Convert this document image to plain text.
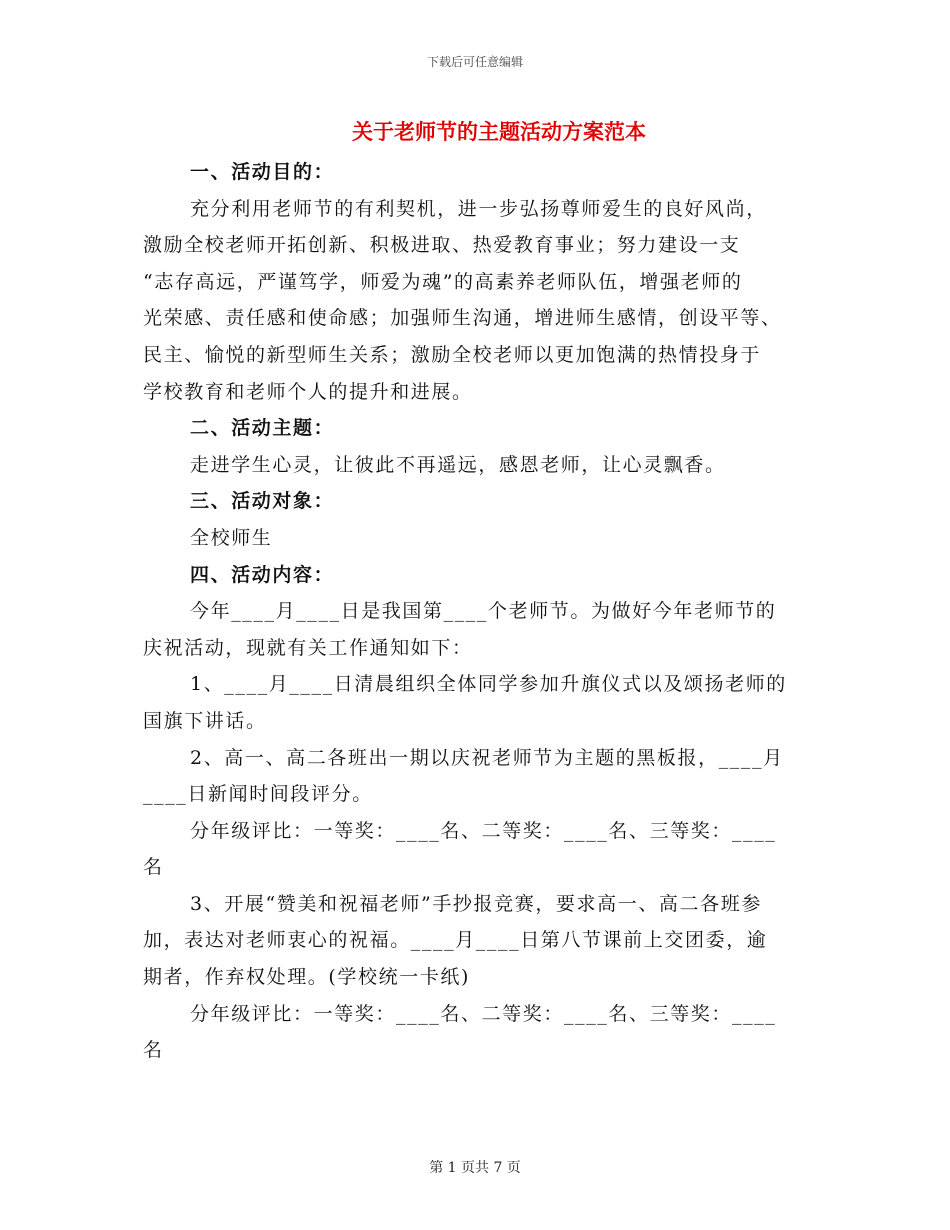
下载后可任意编辑
关于老师节的主题活动方案范本
一、活动目的：
充分利用老师节的有利契机，进一步弘扬尊师爱生的良好风尚，
激励全校老师开拓创新、积极进取、热爱教育事业；努力建设一支
“志存高远，严谨笃学，师爱为魂”的高素养老师队伍，增强老师的
光荣感、责任感和使命感；加强师生沟通，增进师生感情，创设平等、
民主、愉悦的新型师生关系；激励全校老师以更加饱满的热情投身于
学校教育和老师个人的提升和进展。
二、活动主题：
走进学生心灵，让彼此不再遥远，感恩老师，让心灵飘香。
三、活动对象：
全校师生
四、活动内容：
今年____月____日是我国第____个老师节。为做好今年老师节的
庆祝活动，现就有关工作通知如下：
1、____月____日清晨组织全体同学参加升旗仪式以及颂扬老师的
国旗下讲话。
2、高一、高二各班出一期以庆祝老师节为主题的黑板报，____月
____日新闻时间段评分。
分年级评比：一等奖：____名、二等奖：____名、三等奖：____
名
3、开展“赞美和祝福老师”手抄报竞赛，要求高一、高二各班参
加，表达对老师衷心的祝福。____月____日第八节课前上交团委，逾
期者，作弃权处理。(学校统一卡纸)
分年级评比：一等奖：____名、二等奖：____名、三等奖：____
名
第 1 页共 7 页
